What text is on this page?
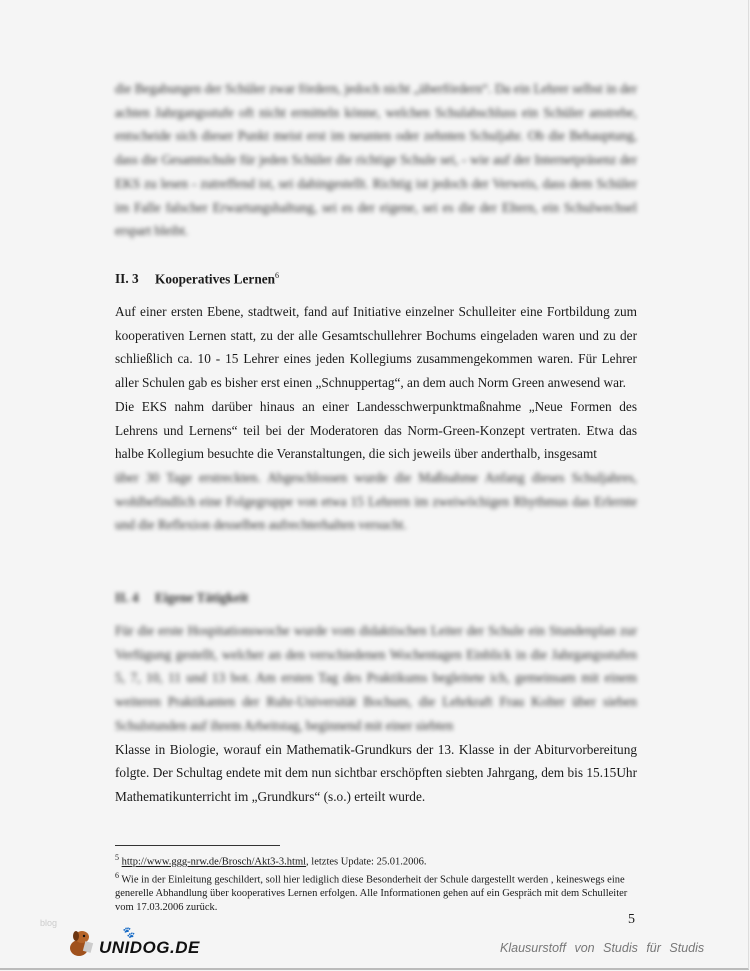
die Begabungen der Schüler zwar fördern, jedoch nicht „überfördern“. Da ein Lehrer selbst in der achten Jahrgangsstufe oft nicht ermitteln könne, welchen Schulabschluss ein Schüler anstrebe, entscheide sich dieser Punkt meist erst im neunten oder zehnten Schuljahr. Ob die Behauptung, dass die Gesamtschule für jeden Schüler die richtige Schule sei, - wie auf der Internetpräsenz der EKS zu lesen - zutreffend ist, sei dahingestellt. Richtig ist jedoch der Verweis, dass dem Schüler im Falle falscher Erwartungshaltung, sei es der eigene, sei es die der Eltern, ein Schulwechsel erspart bleibt.
II. 3 Kooperatives Lernen$^6$
Auf einer ersten Ebene, stadtweit, fand auf Initiative einzelner Schulleiter eine Fortbildung zum kooperativen Lernen statt, zu der alle Gesamtschullehrer Bochums eingeladen waren und zu der schließlich ca. 10 - 15 Lehrer eines jeden Kollegiums zusammengekommen waren. Für Lehrer aller Schulen gab es bisher erst einen „Schnuppertag“, an dem auch Norm Green anwesend war.
Die EKS nahm darüber hinaus an einer Landesschwerpunktmaßnahme „Neue Formen des Lehrens und Lernens“ teil bei der Moderatoren das Norm-Green-Konzept vertraten. Etwa das halbe Kollegium besuchte die Veranstaltungen, die sich jeweils über anderthalb, insgesamt
über 30 Tage erstreckten. Abgeschlossen wurde die Maßnahme Anfang dieses Schuljahres, wohlbefindlich eine Folgegruppe von etwa 15 Lehrern im zweiwöchigen Rhythmus das Erlernte und die Reflexion desselben aufrechterhalten versucht.
II. 4 Eigene Tätigkeit
Für die erste Hospitationswoche wurde vom didaktischen Leiter der Schule ein Stundenplan zur Verfügung gestellt, welcher an den verschiedenen Wochentagen Einblick in die Jahrgangsstufen 5, 7, 10, 11 und 13 bot. Am ersten Tag des Praktikums begleitete ich, gemeinsam mit einem weiteren Praktikanten der Ruhr-Universität Bochum, die Lehrkraft Frau Kolter über sieben Schulstunden auf ihrem Arbeitstag, beginnend mit einer siebten
Klasse in Biologie, worauf ein Mathematik-Grundkurs der 13. Klasse in der Abiturvorbereitung folgte. Der Schultag endete mit dem nun sichtbar erschöpften siebten Jahrgang, dem bis 15.15Uhr Mathematikunterricht im „Grundkurs“ (s.o.) erteilt wurde.
$^5$ http://www.ggg-nrw.de/Brosch/Akt3-3.html, letztes Update: 25.01.2006.
$^6$ Wie in der Einleitung geschildert, soll hier lediglich diese Besonderheit der Schule dargestellt werden , keineswegs eine generelle Abhandlung über kooperatives Lernen erfolgen. Alle Informationen gehen auf ein Gespräch mit dem Schulleiter vom 17.03.2006 zurück.
5
blog
🐾
UNIDOG.DE	Klausurstoff von Studis für Studis
